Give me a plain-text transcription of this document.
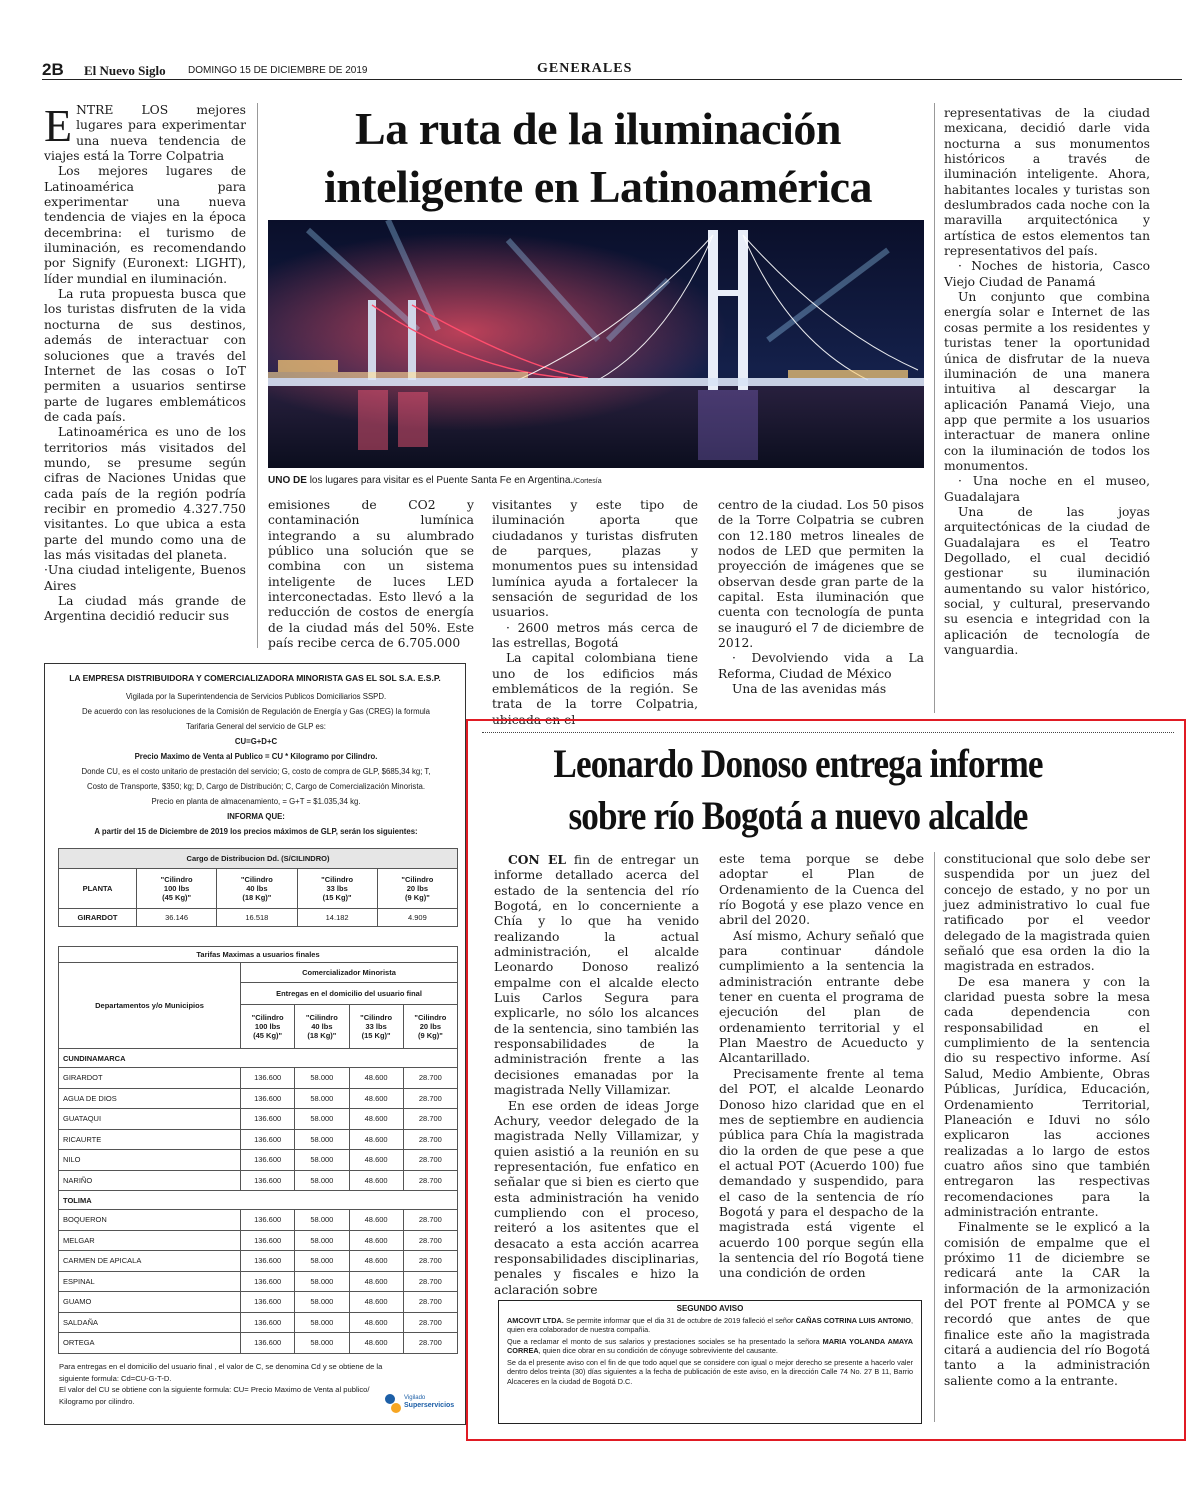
2B El Nuevo Siglo DOMINGO 15 DE DICIEMBRE DE 2019	GENERALES

ENTRE LOS mejores lugares para experimentar una nueva tendencia de viajes está la Torre Colpatria

Los mejores lugares de Latinoamérica para experimentar una nueva tendencia de viajes en la época decembrina: el turismo de iluminación, es recomendando por Signify (Euronext: LIGHT), líder mundial en iluminación.

La ruta propuesta busca que los turistas disfruten de la vida nocturna de sus destinos, además de interactuar con soluciones que a través del Internet de las cosas o IoT permiten a usuarios sentirse parte de lugares emblemáticos de cada país.

Latinoamérica es uno de los territorios más visitados del mundo, se presume según cifras de Naciones Unidas que cada país de la región podría recibir en promedio 4.327.750 visitantes. Lo que ubica a esta parte del mundo como una de las más visitadas del planeta.

·Una ciudad inteligente, Buenos Aires

La ciudad más grande de Argentina decidió reducir sus

La ruta de la iluminación
inteligente en Latinoamérica
UNO DE los lugares para visitar es el Puente Santa Fe en Argentina./Cortesía

emisiones de CO2 y contaminación lumínica integrando a su alumbrado público una solución que se combina con un sistema inteligente de luces LED interconectadas. Esto llevó a la reducción de costos de energía de la ciudad más del 50%. Este país recibe cerca de 6.705.000

visitantes y este tipo de iluminación aporta que ciudadanos y turistas disfruten de parques, plazas y monumentos pues su intensidad lumínica ayuda a fortalecer la sensación de seguridad de los usuarios.

· 2600 metros más cerca de las estrellas, Bogotá

La capital colombiana tiene uno de los edificios más emblemáticos de la región. Se trata de la torre Colpatria, ubicada en el

centro de la ciudad. Los 50 pisos de la Torre Colpatria se cubren con 12.180 metros lineales de nodos de LED que permiten la proyección de imágenes que se observan desde gran parte de la capital. Esta iluminación que cuenta con tecnología de punta se inauguró el 7 de diciembre de 2012.

· Devolviendo vida a La Reforma, Ciudad de México

Una de las avenidas más

representativas de la ciudad mexicana, decidió darle vida nocturna a sus monumentos históricos a través de iluminación inteligente. Ahora, habitantes locales y turistas son deslumbrados cada noche con la maravilla arquitectónica y artística de estos elementos tan representativos del país.

· Noches de historia, Casco Viejo Ciudad de Panamá

Un conjunto que combina energía solar e Internet de las cosas permite a los residentes y turistas tener la oportunidad única de disfrutar de la nueva iluminación de una manera intuitiva al descargar la aplicación Panamá Viejo, una app que permite a los usuarios interactuar de manera online con la iluminación de todos los monumentos.

· Una noche en el museo, Guadalajara

Una de las joyas arquitectónicas de la ciudad de Guadalajara es el Teatro Degollado, el cual decidió gestionar su iluminación aumentando su valor histórico, social, y cultural, preservando su esencia e integridad con la aplicación de tecnología de vanguardia.

LA EMPRESA DISTRIBUIDORA Y COMERCIALIZADORA MINORISTA GAS EL SOL S.A. E.S.P.
Vigilada por la Superintendencia de Servicios Publicos Domiciliarios SSPD.
De acuerdo con las resoluciones de la Comisión de Regulación de Energía y Gas (CREG) la formula
Tarifaria General del servicio de GLP es:
CU=G+D+C
Precio Maximo de Venta al Publico = CU * Kilogramo por Cilindro.
Donde CU, es el costo unitario de prestación del servicio; G, costo de compra de GLP, $685,34 kg; T,
Costo de Transporte, $350; kg; D, Cargo de Distribución; C, Cargo de Comercialización Minorista.
Precio en planta de almacenamiento, = G+T = $1.035,34 kg.
INFORMA QUE:
A partir del 15 de Diciembre de 2019 los precios máximos de GLP, serán los siguientes:
Cargo de Distribucion Dd. (S/CILINDRO)				
PLANTA	"Cilindro
100 lbs
(45 Kg)"	"Cilindro
40 lbs
(18 Kg)"	"Cilindro
33 lbs
(15 Kg)"	"Cilindro
20 lbs
(9 Kg)"
GIRARDOT	36.146	16.518	14.182	4.909
Tarifas Maximas a usuarios finales				
Departamentos y/o Municipios	Comercializador Minorista			
	Entregas en el domicilio del usuario final			
	"Cilindro
100 lbs
(45 Kg)"	"Cilindro
40 lbs
(18 Kg)"	"Cilindro
33 lbs
(15 Kg)"	"Cilindro
20 lbs
(9 Kg)"
CUNDINAMARCA				
GIRARDOT	136.600	58.000	48.600	28.700
AGUA DE DIOS	136.600	58.000	48.600	28.700
GUATAQUI	136.600	58.000	48.600	28.700
RICAURTE	136.600	58.000	48.600	28.700
NILO	136.600	58.000	48.600	28.700
NARIÑO	136.600	58.000	48.600	28.700
TOLIMA				
BOQUERON	136.600	58.000	48.600	28.700
MELGAR	136.600	58.000	48.600	28.700
CARMEN DE APICALA	136.600	58.000	48.600	28.700
ESPINAL	136.600	58.000	48.600	28.700
GUAMO	136.600	58.000	48.600	28.700
SALDAÑA	136.600	58.000	48.600	28.700
ORTEGA	136.600	58.000	48.600	28.700
Para entregas en el domicilio del usuario final , el valor de C, se denomina Cd y se obtiene de la siguiente formula: Cd=CU-G-T-D.
El valor del CU se obtiene con la siguiente formula: CU= Precio Maximo de Venta al publico/ Kilogramo por cilindro.	Vigilado
Superservicios
Leonardo Donoso entrega informe
sobre río Bogotá a nuevo alcalde

CON EL fin de entregar un informe detallado acerca del estado de la sentencia del río Bogotá, en lo concerniente a Chía y lo que ha venido realizando la actual administración, el alcalde Leonardo Donoso realizó empalme con el alcalde electo Luis Carlos Segura para explicarle, no sólo los alcances de la sentencia, sino también las responsabilidades de la administración frente a las decisiones emanadas por la magistrada Nelly Villamizar.

En ese orden de ideas Jorge Achury, veedor delegado de la magistrada Nelly Villamizar, y quien asistió a la reunión en su representación, fue enfatico en señalar que si bien es cierto que esta administración ha venido cumpliendo con el proceso, reiteró a los asitentes que el desacato a esta acción acarrea responsabilidades disciplinarias, penales y fiscales e hizo la aclaración sobre

este tema porque se debe adoptar el Plan de Ordenamiento de la Cuenca del río Bogotá y ese plazo vence en abril del 2020.

Así mismo, Achury señaló que para continuar dándole cumplimiento a la sentencia la administración entrante debe tener en cuenta el programa de ejecución del plan de ordenamiento territorial y el Plan Maestro de Acueducto y Alcantarillado.

Precisamente frente al tema del POT, el alcalde Leonardo Donoso hizo claridad que en el mes de septiembre en audiencia pública para Chía la magistrada dio la orden de que pese a que el actual POT (Acuerdo 100) fue demandado y suspendido, para el caso de la sentencia de río Bogotá y para el despacho de la magistrada está vigente el acuerdo 100 porque según ella la sentencia del río Bogotá tiene una condición de orden

constitucional que solo debe ser suspendida por un juez del concejo de estado, y no por un juez administrativo lo cual fue ratificado por el veedor delegado de la magistrada quien señaló que esa orden la dio la magistrada en estrados.

De esa manera y con la claridad puesta sobre la mesa cada dependencia con responsabilidad en el cumplimiento de la sentencia dio su respectivo informe. Así Salud, Medio Ambiente, Obras Públicas, Jurídica, Educación, Ordenamiento Territorial, Planeación e Iduvi no sólo explicaron las acciones realizadas a lo largo de estos cuatro años sino que también entregaron las respectivas recomendaciones para la administración entrante.

Finalmente se le explicó a la comisión de empalme que el próximo 11 de diciembre se redicará ante la CAR la información de la armonización del POT frente al POMCA y se recordó que antes de que finalice este año la magistrada citará a audiencia del río Bogotá tanto a la administración saliente como a la entrante.

SEGUNDO AVISO

AMCOVIT LTDA. Se permite informar que el dia 31 de octubre de 2019 falleció el señor CAÑAS COTRINA LUIS ANTONIO, quien era colaborador de nuestra compañia.

Que a reclamar el monto de sus salarios y prestaciones sociales se ha presentado la señora MARIA YOLANDA AMAYA CORREA, quien dice obrar en su condición de cónyuge sobreviviente del causante.

Se da el presente aviso con el fin de que todo aquel que se considere con igual o mejor derecho se presente a hacerlo valer dentro delos treinta (30) días siguientes a la fecha de publicación de este aviso, en la dirección Calle 74 No. 27 B 11, Barrio Alcaceres en la ciudad de Bogotá D.C.
